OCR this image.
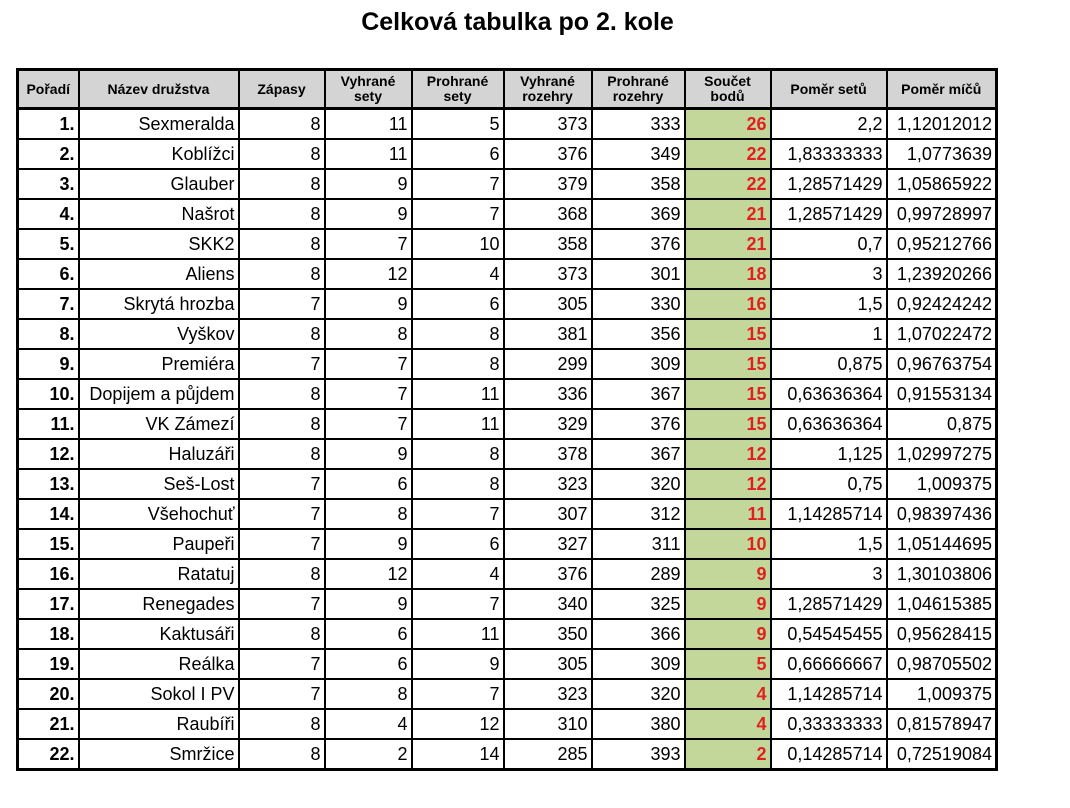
Celková tabulka po 2. kole
Pořadí	Název družstva	Zápasy	Vyhrané sety	Prohrané sety	Vyhrané rozehry	Prohrané rozehry	Součet bodů	Poměr setů	Poměr míčů
1.	Sexmeralda	8	11	5	373	333	26	2,2	1,12012012
2.	Koblížci	8	11	6	376	349	22	1,83333333	1,0773639
3.	Glauber	8	9	7	379	358	22	1,28571429	1,05865922
4.	Našrot	8	9	7	368	369	21	1,28571429	0,99728997
5.	SKK2	8	7	10	358	376	21	0,7	0,95212766
6.	Aliens	8	12	4	373	301	18	3	1,23920266
7.	Skrytá hrozba	7	9	6	305	330	16	1,5	0,92424242
8.	Vyškov	8	8	8	381	356	15	1	1,07022472
9.	Premiéra	7	7	8	299	309	15	0,875	0,96763754
10.	Dopijem a půjdem	8	7	11	336	367	15	0,63636364	0,91553134
11.	VK Zámezí	8	7	11	329	376	15	0,63636364	0,875
12.	Haluzáři	8	9	8	378	367	12	1,125	1,02997275
13.	Seš-Lost	7	6	8	323	320	12	0,75	1,009375
14.	Všehochuť	7	8	7	307	312	11	1,14285714	0,98397436
15.	Paupeři	7	9	6	327	311	10	1,5	1,05144695
16.	Ratatuj	8	12	4	376	289	9	3	1,30103806
17.	Renegades	7	9	7	340	325	9	1,28571429	1,04615385
18.	Kaktusáři	8	6	11	350	366	9	0,54545455	0,95628415
19.	Reálka	7	6	9	305	309	5	0,66666667	0,98705502
20.	Sokol I PV	7	8	7	323	320	4	1,14285714	1,009375
21.	Raubíři	8	4	12	310	380	4	0,33333333	0,81578947
22.	Smržice	8	2	14	285	393	2	0,14285714	0,72519084
